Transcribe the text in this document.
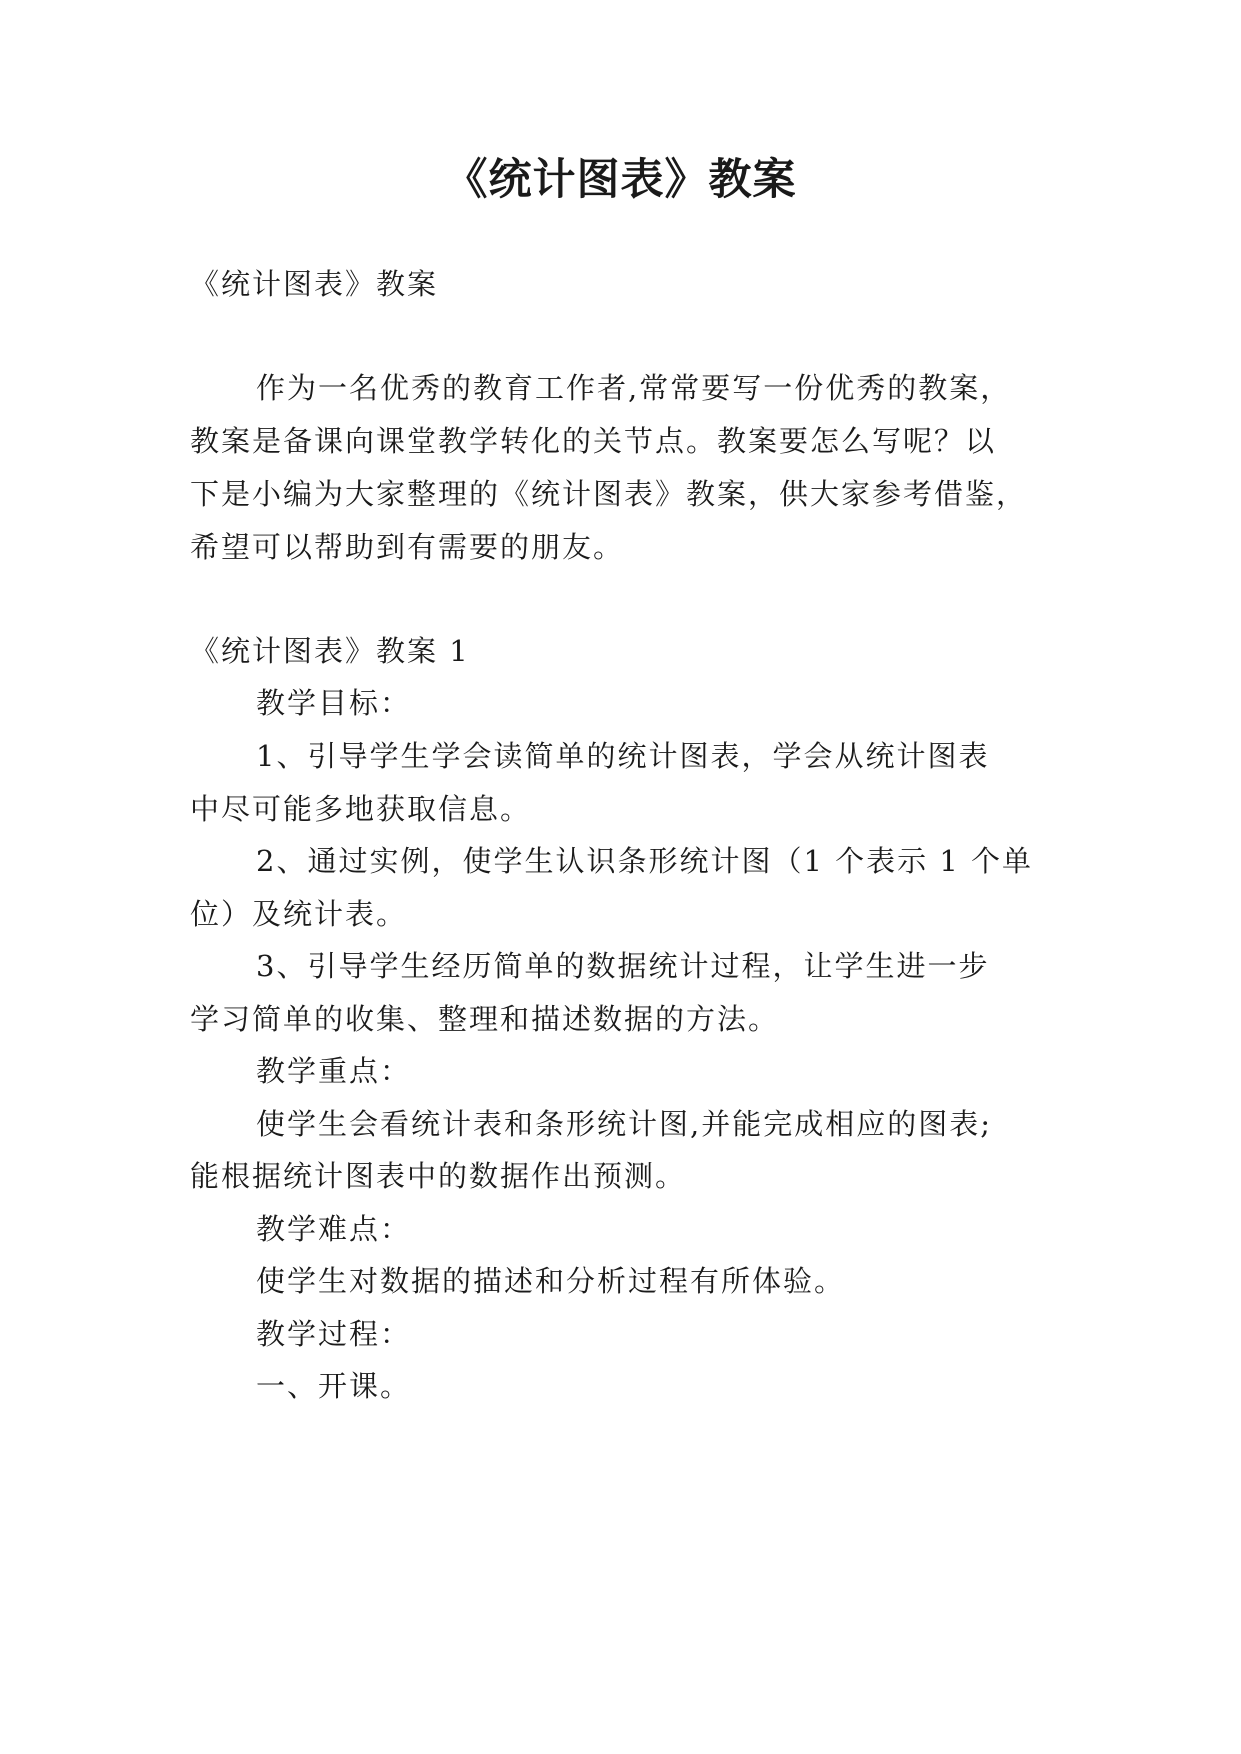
《统计图表》教案

《统计图表》教案

作为一名优秀的教育工作者,常常要写一份优秀的教案，

教案是备课向课堂教学转化的关节点。教案要怎么写呢？以

下是小编为大家整理的《统计图表》教案，供大家参考借鉴，

希望可以帮助到有需要的朋友。

《统计图表》教案 1

教学目标：

1、引导学生学会读简单的统计图表，学会从统计图表

中尽可能多地获取信息。

2、通过实例，使学生认识条形统计图（1 个表示 1 个单

位）及统计表。

3、引导学生经历简单的数据统计过程，让学生进一步

学习简单的收集、整理和描述数据的方法。

教学重点：

使学生会看统计表和条形统计图,并能完成相应的图表;

能根据统计图表中的数据作出预测。

教学难点：

使学生对数据的描述和分析过程有所体验。

教学过程：

一、开课。
